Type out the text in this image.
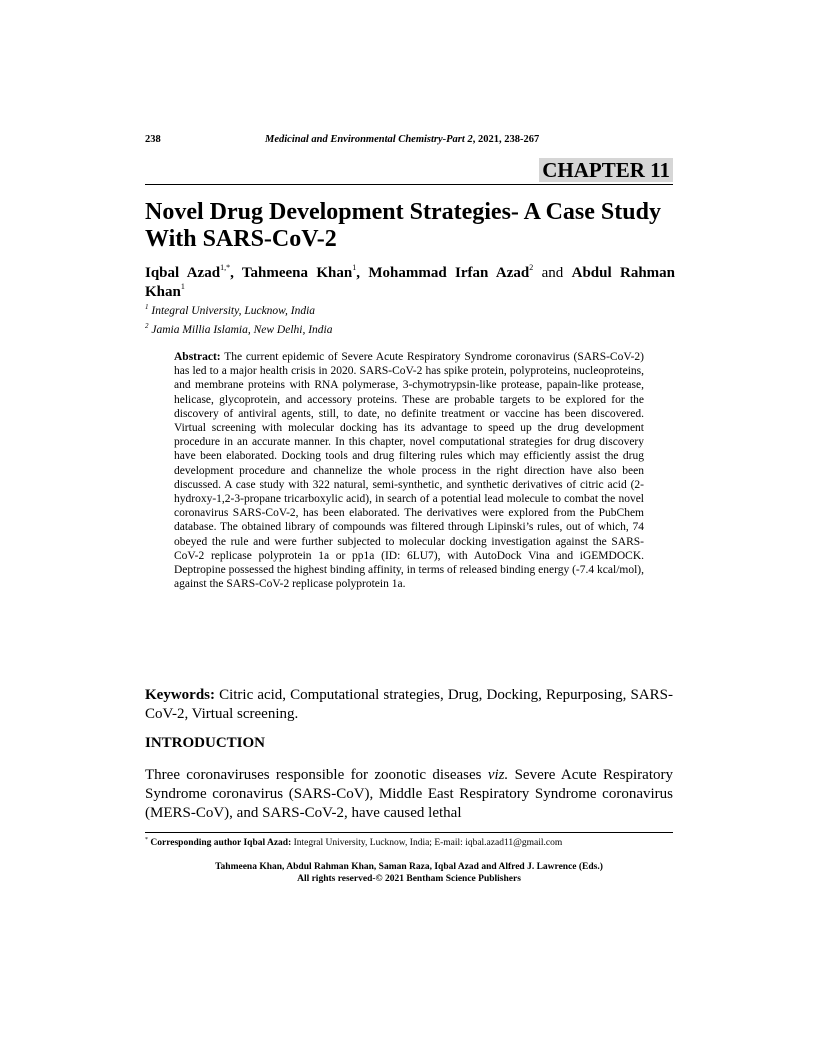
238	Medicinal and Environmental Chemistry-Part 2, 2021, 238-267
CHAPTER 11
Novel Drug Development Strategies- A Case Study
With SARS-CoV-2

Iqbal Azad$^{1,*}$, Tahmeena Khan$^1$, Mohammad Irfan Azad$^2$ and Abdul Rahman Khan$^1$

$^1$ Integral University, Lucknow, India
$^2$ Jamia Millia Islamia, New Delhi, India

Abstract: The current epidemic of Severe Acute Respiratory Syndrome coronavirus (SARS-CoV-2) has led to a major health crisis in 2020. SARS-CoV-2 has spike protein, polyproteins, nucleoproteins, and membrane proteins with RNA polymerase, 3-chymotrypsin-like protease, papain-like protease, helicase, glycoprotein, and accessory proteins. These are probable targets to be explored for the discovery of antiviral agents, still, to date, no definite treatment or vaccine has been discovered. Virtual screening with molecular docking has its advantage to speed up the drug development procedure in an accurate manner. In this chapter, novel computational strategies for drug discovery have been elaborated. Docking tools and drug filtering rules which may efficiently assist the drug development procedure and channelize the whole process in the right direction have also been discussed. A case study with 322 natural, semi-synthetic, and synthetic derivatives of citric acid (2-hydroxy-1,2-3-propane tricarboxylic acid), in search of a potential lead molecule to combat the novel coronavirus SARS-CoV-2, has been elaborated. The derivatives were explored from the PubChem database. The obtained library of compounds was filtered through Lipinski’s rules, out of which, 74 obeyed the rule and were further subjected to molecular docking investigation against the SARS-CoV-2 replicase polyprotein 1a or pp1a (ID: 6LU7), with AutoDock Vina and iGEMDOCK. Deptropine possessed the highest binding affinity, in terms of released binding energy (-7.4 kcal/mol), against the SARS-CoV-2 replicase polyprotein 1a.

Keywords: Citric acid, Computational strategies, Drug, Docking, Repurposing, SARS-CoV-2, Virtual screening.

INTRODUCTION

Three coronaviruses responsible for zoonotic diseases viz. Severe Acute Respiratory Syndrome coronavirus (SARS-CoV), Middle East Respiratory Syndrome coronavirus (MERS-CoV), and SARS-CoV-2, have caused lethal

* Corresponding author Iqbal Azad: Integral University, Lucknow, India; E-mail: iqbal.azad11@gmail.com

Tahmeena Khan, Abdul Rahman Khan, Saman Raza, Iqbal Azad and Alfred J. Lawrence (Eds.)
All rights reserved-© 2021 Bentham Science Publishers
